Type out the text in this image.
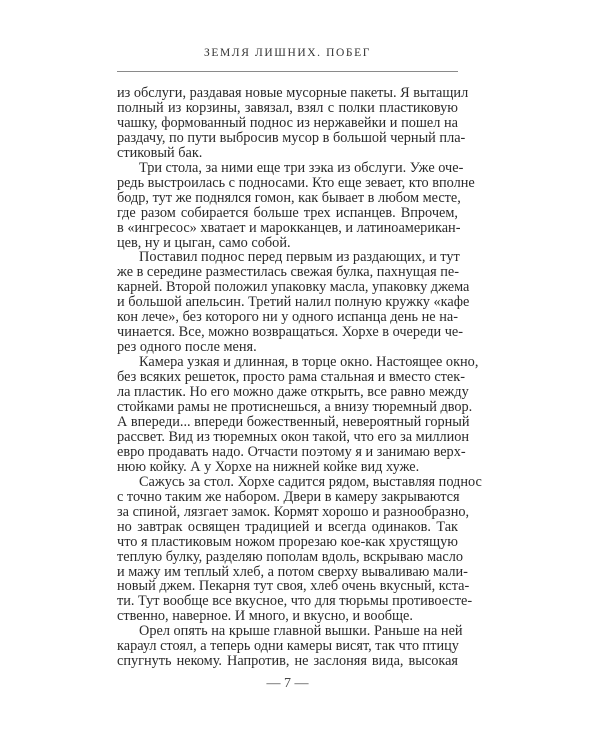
ЗЕМЛЯ ЛИШНИХ. ПОБЕГ

из обслуги, раздавая новые мусорные пакеты. Я вытащил
полный из корзины, завязал, взял с полки пластиковую
чашку, формованный поднос из нержавейки и пошел на
раздачу, по пути выбросив мусор в большой черный пла-
стиковый бак.

Три стола, за ними еще три зэка из обслуги. Уже оче-
редь выстроилась с подносами. Кто еще зевает, кто вполне
бодр, тут же поднялся гомон, как бывает в любом месте,
где разом собирается больше трех испанцев. Впрочем,
в «ингресос» хватает и марокканцев, и латиноамерикан-
цев, ну и цыган, само собой.

Поставил поднос перед первым из раздающих, и тут
же в середине разместилась свежая булка, пахнущая пе-
карней. Второй положил упаковку масла, упаковку джема
и большой апельсин. Третий налил полную кружку «кафе
кон лече», без которого ни у одного испанца день не на-
чинается. Все, можно возвращаться. Хорхе в очереди че-
рез одного после меня.

Камера узкая и длинная, в торце окно. Настоящее окно,
без всяких решеток, просто рама стальная и вместо стек-
ла пластик. Но его можно даже открыть, все равно между
стойками рамы не протиснешься, а внизу тюремный двор.
А впереди... впереди божественный, невероятный горный
рассвет. Вид из тюремных окон такой, что его за миллион
евро продавать надо. Отчасти поэтому я и занимаю верх-
нюю койку. А у Хорхе на нижней койке вид хуже.

Сажусь за стол. Хорхе садится рядом, выставляя поднос
с точно таким же набором. Двери в камеру закрываются
за спиной, лязгает замок. Кормят хорошо и разнообразно,
но завтрак освящен традицией и всегда одинаков. Так
что я пластиковым ножом прорезаю кое-как хрустящую
теплую булку, разделяю пополам вдоль, вскрываю масло
и мажу им теплый хлеб, а потом сверху вываливаю мали-
новый джем. Пекарня тут своя, хлеб очень вкусный, кста-
ти. Тут вообще все вкусное, что для тюрьмы противоесте-
ственно, наверное. И много, и вкусно, и вообще.

Орел опять на крыше главной вышки. Раньше на ней
караул стоял, а теперь одни камеры висят, так что птицу
спугнуть некому. Напротив, не заслоняя вида, высокая

— 7 —
